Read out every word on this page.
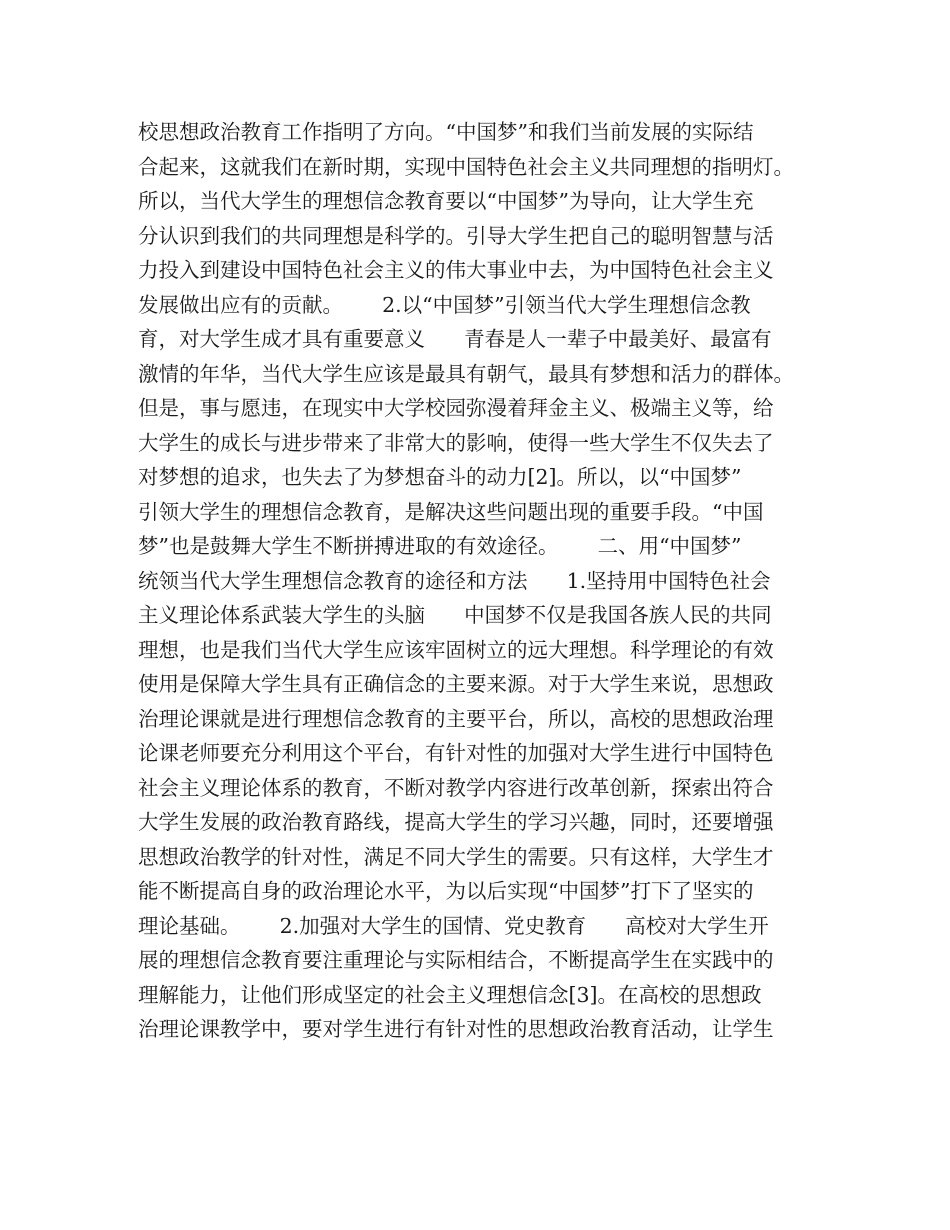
校思想政治教育工作指明了方向。“中国梦”和我们当前发展的实际结
合起来，这就我们在新时期，实现中国特色社会主义共同理想的指明灯。
所以，当代大学生的理想信念教育要以“中国梦”为导向，让大学生充
分认识到我们的共同理想是科学的。引导大学生把自己的聪明智慧与活
力投入到建设中国特色社会主义的伟大事业中去，为中国特色社会主义
发展做出应有的贡献。      2.以“中国梦”引领当代大学生理想信念教
育，对大学生成才具有重要意义      青春是人一辈子中最美好、最富有
激情的年华，当代大学生应该是最具有朝气，最具有梦想和活力的群体。
但是，事与愿违，在现实中大学校园弥漫着拜金主义、极端主义等，给
大学生的成长与进步带来了非常大的影响，使得一些大学生不仅失去了
对梦想的追求，也失去了为梦想奋斗的动力[2]。所以，以“中国梦”
引领大学生的理想信念教育，是解决这些问题出现的重要手段。“中国
梦”也是鼓舞大学生不断拼搏进取的有效途径。      二、用“中国梦”
统领当代大学生理想信念教育的途径和方法      1.坚持用中国特色社会
主义理论体系武装大学生的头脑      中国梦不仅是我国各族人民的共同
理想，也是我们当代大学生应该牢固树立的远大理想。科学理论的有效
使用是保障大学生具有正确信念的主要来源。对于大学生来说，思想政
治理论课就是进行理想信念教育的主要平台，所以，高校的思想政治理
论课老师要充分利用这个平台，有针对性的加强对大学生进行中国特色
社会主义理论体系的教育，不断对教学内容进行改革创新，探索出符合
大学生发展的政治教育路线，提高大学生的学习兴趣，同时，还要增强
思想政治教学的针对性，满足不同大学生的需要。只有这样，大学生才
能不断提高自身的政治理论水平，为以后实现“中国梦”打下了坚实的
理论基础。      2.加强对大学生的国情、党史教育      高校对大学生开
展的理想信念教育要注重理论与实际相结合，不断提高学生在实践中的
理解能力，让他们形成坚定的社会主义理想信念[3]。在高校的思想政
治理论课教学中，要对学生进行有针对性的思想政治教育活动，让学生
